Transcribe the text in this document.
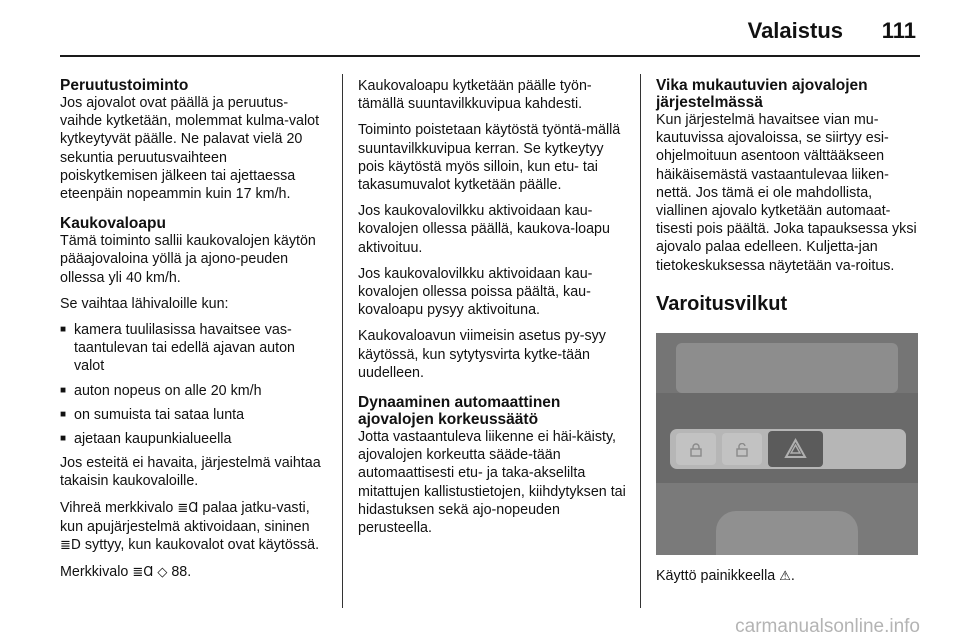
Valaistus 111
Peruutustoiminto

Jos ajovalot ovat päällä ja peruutus-vaihde kytketään, molemmat kulma-valot kytkeytyvät päälle. Ne palavat vielä 20 sekuntia peruutusvaihteen poiskytkemisen jälkeen tai ajettaessa eteenpäin nopeammin kuin 17 km/h.

Kaukovaloapu

Tämä toiminto sallii kaukovalojen käytön pääajovaloina yöllä ja ajono-peuden ollessa yli 40 km/h.

Se vaihtaa lähivaloille kun:

■ kamera tuulilasissa havaitsee vas-taantulevan tai edellä ajavan auton valot
■ auton nopeus on alle 20 km/h
■ on sumuista tai sataa lunta
■ ajetaan kaupunkialueella

Jos esteitä ei havaita, järjestelmä vaihtaa takaisin kaukovaloille.

Vihreä merkkivalo ≣Ɑ palaa jatku-vasti, kun apujärjestelmä aktivoidaan, sininen ≣D syttyy, kun kaukovalot ovat käytössä.

Merkkivalo ≣Ɑ ◇ 88.

Kaukovaloapu kytketään päälle työn-tämällä suuntavilkkuvipua kahdesti.

Toiminto poistetaan käytöstä työntä-mällä suuntavilkkuvipua kerran. Se kytkeytyy pois käytöstä myös silloin, kun etu- tai takasumuvalot kytketään päälle.

Jos kaukovalovilkku aktivoidaan kau-kovalojen ollessa päällä, kaukova-loapu aktivoituu.

Jos kaukovalovilkku aktivoidaan kau-kovalojen ollessa poissa päältä, kau-kovaloapu pysyy aktivoituna.

Kaukovaloavun viimeisin asetus py-syy käytössä, kun sytytysvirta kytke-tään uudelleen.

Dynaaminen automaattinen ajovalojen korkeussäätö

Jotta vastaantuleva liikenne ei häi-käisty, ajovalojen korkeutta sääde-tään automaattisesti etu- ja taka-akselilta mitattujen kallistustietojen, kiihdytyksen tai hidastuksen sekä ajo-nopeuden perusteella.

Vika mukautuvien ajovalojen järjestelmässä

Kun järjestelmä havaitsee vian mu-kautuvissa ajovaloissa, se siirtyy esi-ohjelmoituun asentoon välttääkseen häikäisemästä vastaantulevaa liiken-nettä. Jos tämä ei ole mahdollista, viallinen ajovalo kytketään automaat-tisesti pois päältä. Joka tapauksessa yksi ajovalo palaa edelleen. Kuljetta-jan tietokeskuksessa näytetään va-roitus.

Varoitusvilkut

Käyttö painikkeella ⚠.

carmanualsonline.info
